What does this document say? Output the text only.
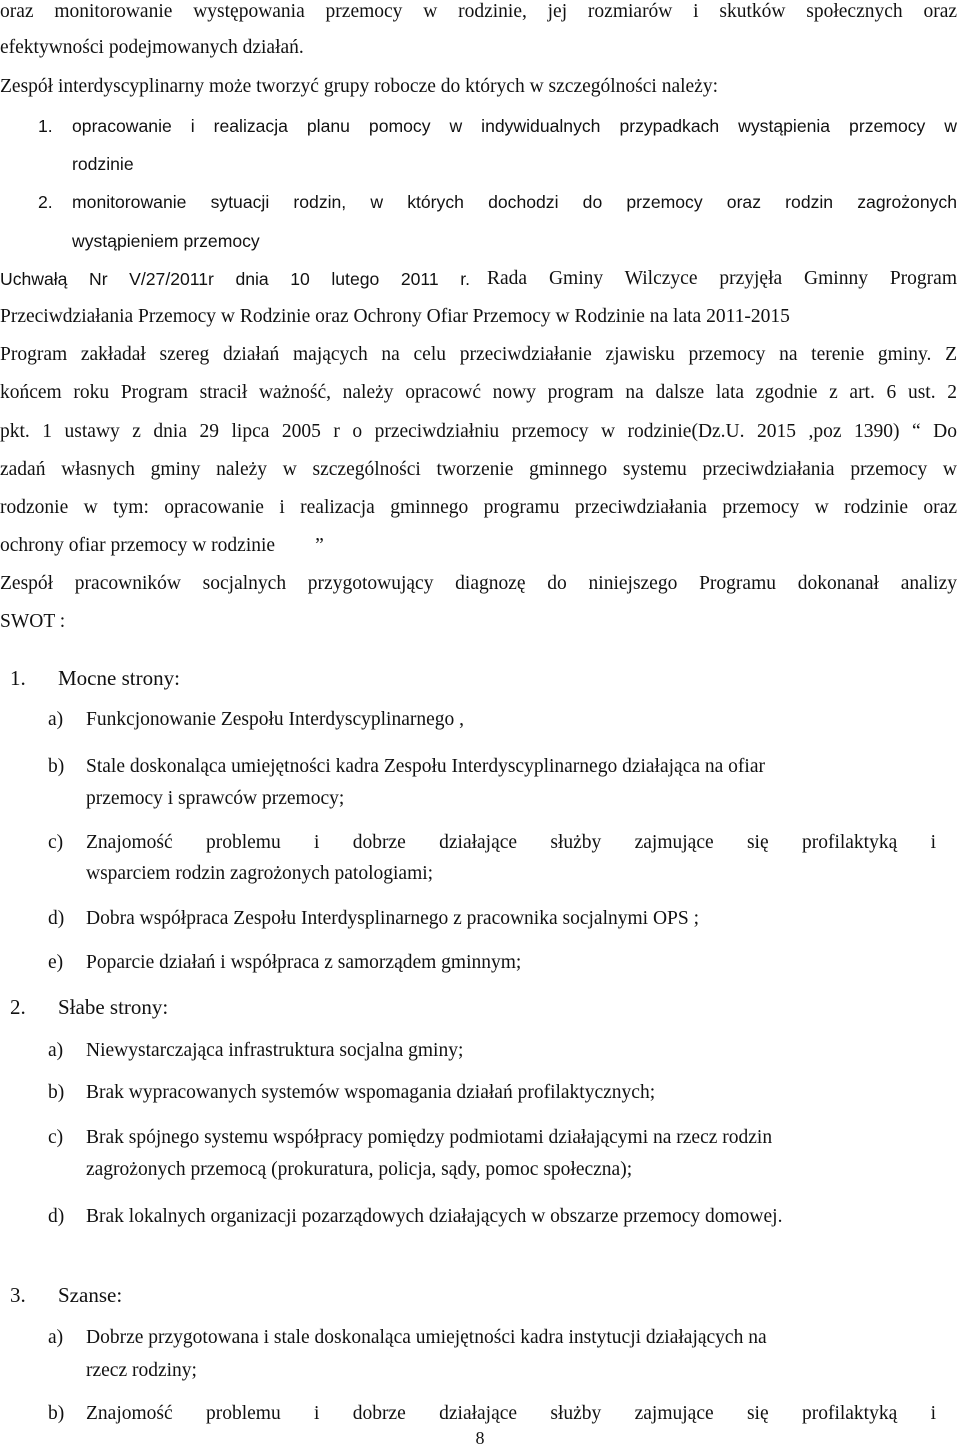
oraz monitorowanie występowania przemocy w rodzinie, jej rozmiarów i skutków społecznych oraz
efektywności podejmowanych działań.
Zespół interdyscyplinarny może tworzyć grupy robocze do których w szczególności należy:
1.	opracowanie i realizacja planu pomocy w indywidualnych przypadkach wystąpienia przemocy w
rodzinie
2.	monitorowanie sytuacji rodzin, w których dochodzi do przemocy oraz rodzin zagrożonych
wystąpieniem przemocy
Uchwałą Nr V/27/2011r dnia 10 lutego 2011 r. Rada Gminy Wilczyce przyjęła Gminny Program
Przeciwdziałania Przemocy w Rodzinie oraz Ochrony Ofiar Przemocy w Rodzinie na lata 2011-2015
Program zakładał szereg działań mających na celu przeciwdziałanie zjawisku przemocy na terenie gminy. Z
końcem roku Program stracił ważność, należy opracowć nowy program na dalsze lata zgodnie z art. 6 ust. 2
pkt. 1 ustawy z dnia 29 lipca 2005 r o przeciwdziałniu przemocy w rodzinie(Dz.U. 2015 ,poz 1390) “ Do
zadań własnych gminy należy w szczególności tworzenie gminnego systemu przeciwdziałania przemocy w
rodzonie w tym: opracowanie i realizacja gminnego programu przeciwdziałania przemocy w rodzinie oraz
ochrony ofiar przemocy w rodzinie ”
Zespół pracowników socjalnych przygotowujący diagnozę do niniejszego Programu dokonanał analizy
SWOT :
1. Mocne strony:
a) Funkcjonowanie Zespołu Interdyscyplinarnego ,
b) Stale doskonaląca umiejętności kadra Zespołu Interdyscyplinarnego działająca na ofiar
przemocy i sprawców przemocy;
c) Znajomość problemu i dobrze działające służby zajmujące się profilaktyką i
wsparciem rodzin zagrożonych patologiami;
d) Dobra współpraca Zespołu Interdysplinarnego z pracownika socjalnymi OPS ;
e) Poparcie działań i współpraca z samorządem gminnym;
2. Słabe strony:
a) Niewystarczająca infrastruktura socjalna gminy;
b) Brak wypracowanych systemów wspomagania działań profilaktycznych;
c) Brak spójnego systemu współpracy pomiędzy podmiotami działającymi na rzecz rodzin
zagrożonych przemocą (prokuratura, policja, sądy, pomoc społeczna);
d) Brak lokalnych organizacji pozarządowych działających w obszarze przemocy domowej.
3. Szanse:
a) Dobrze przygotowana i stale doskonaląca umiejętności kadra instytucji działających na
rzecz rodziny;
b) Znajomość problemu i dobrze działające służby zajmujące się profilaktyką i
8
